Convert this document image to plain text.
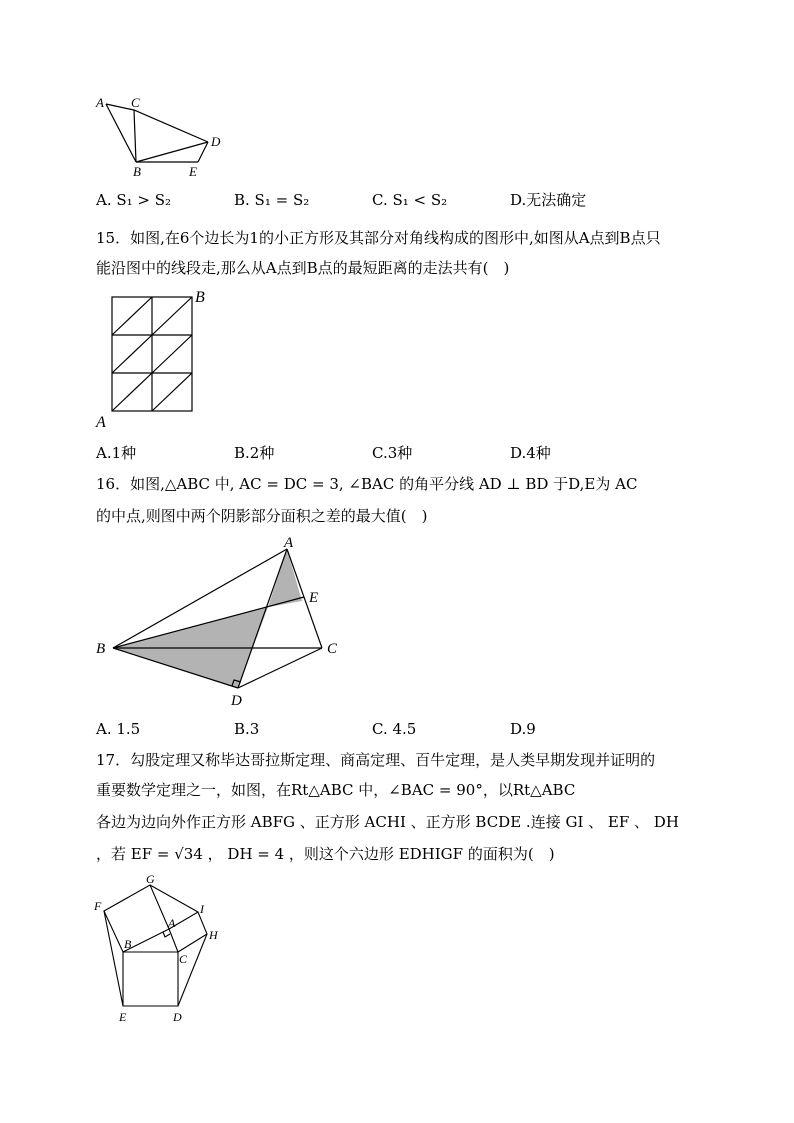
A C
D
B	E
A. S₁ > S₂	B. S₁ = S₂	C. S₁ < S₂	D.无法确定
15．如图,在6个边长为1的小正方形及其部分对角线构成的图形中,如图从A点到B点只
能沿图中的线段走,那么从A点到B点的最短距离的走法共有(　)
B
A
A.1种	B.2种	C.3种	D.4种
16．如图,△ABC 中, AC = DC = 3, ∠BAC 的角平分线 AD ⊥ BD 于D,E为 AC
的中点,则图中两个阴影部分面积之差的最大值(　)
A
E
B	C
D
A. 1.5	B.3	C. 4.5	D.9
17．勾股定理又称毕达哥拉斯定理、商高定理、百牛定理，是人类早期发现并证明的
重要数学定理之一，如图，在Rt△ABC 中，∠BAC = 90°，以Rt△ABC
各边为边向外作正方形 ABFG 、正方形 ACHI 、正方形 BCDE .连接 GI 、 EF 、 DH
，若 EF = √34 ， DH = 4 ，则这个六边形 EDHIGF 的面积为(　)
G
F	I
A
B
H
C
E	D
